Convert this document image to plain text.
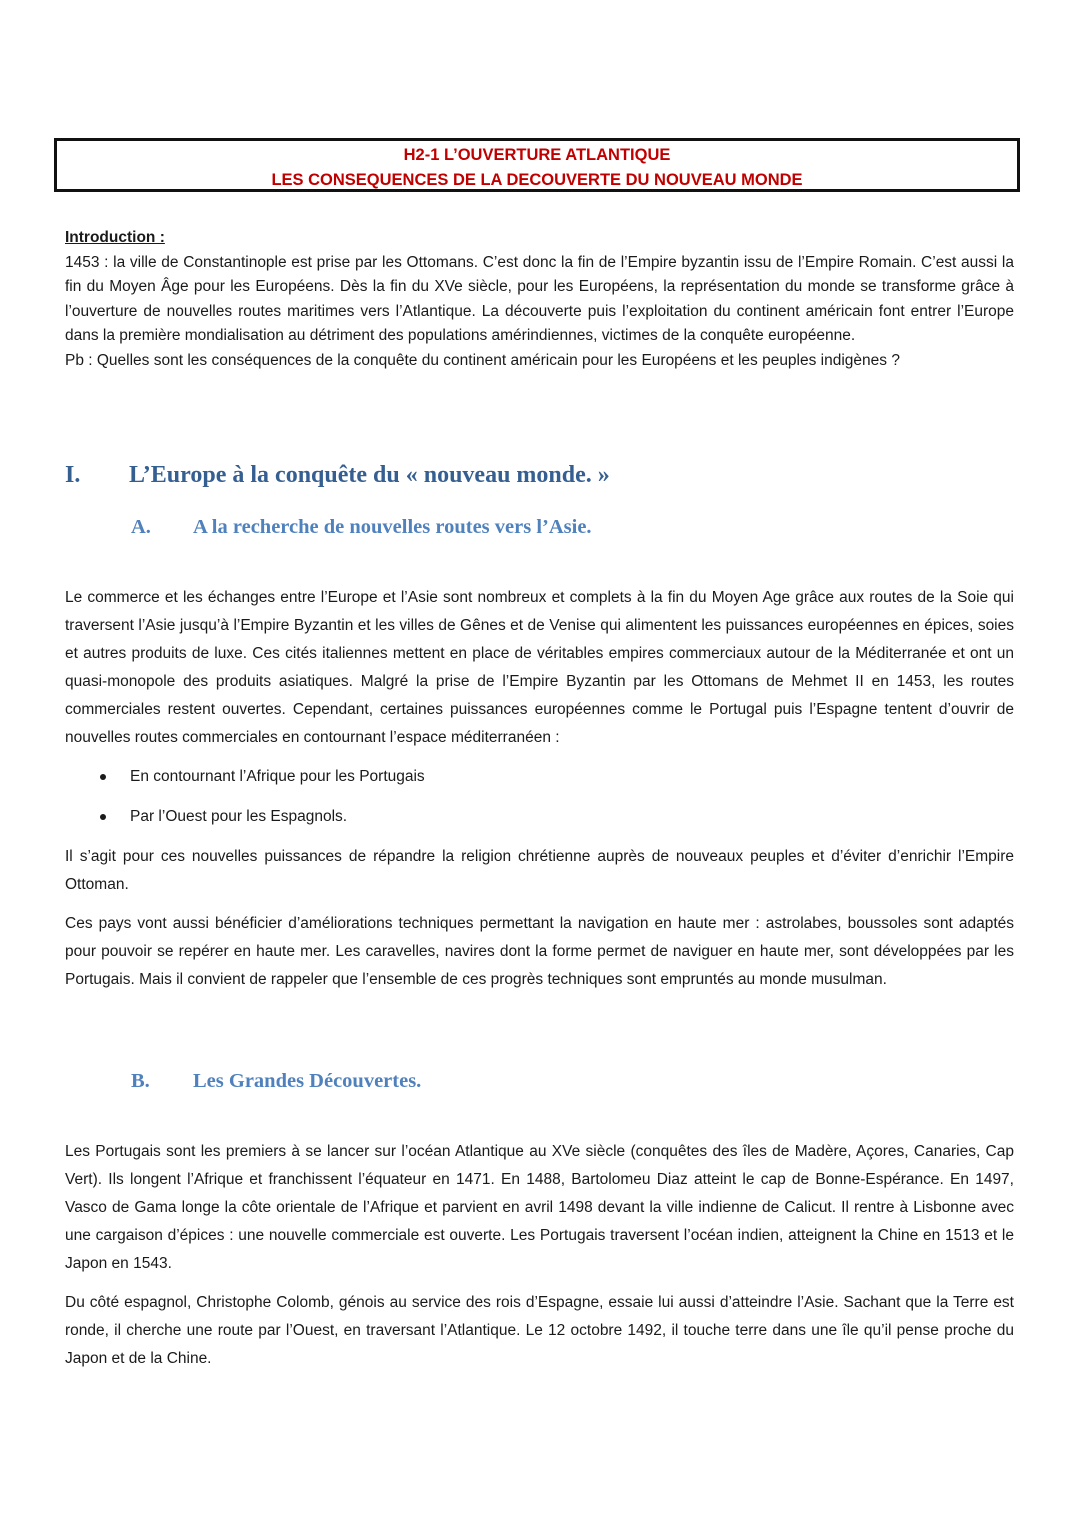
H2-1 L’OUVERTURE ATLANTIQUE
LES CONSEQUENCES DE LA DECOUVERTE DU NOUVEAU MONDE

Introduction :

1453 : la ville de Constantinople est prise par les Ottomans. C’est donc la fin de l’Empire byzantin issu de l’Empire Romain. C’est aussi la fin du Moyen Âge pour les Européens. Dès la fin du XVe siècle, pour les Européens, la représentation du monde se transforme grâce à l’ouverture de nouvelles routes maritimes vers l’Atlantique. La découverte puis l’exploitation du continent américain font entrer l’Europe dans la première mondialisation au détriment des populations amérindiennes, victimes de la conquête européenne.

Pb : Quelles sont les conséquences de la conquête du continent américain pour les Européens et les peuples indigènes ?

I. L’Europe à la conquête du « nouveau monde. »
A. A la recherche de nouvelles routes vers l’Asie.

Le commerce et les échanges entre l’Europe et l’Asie sont nombreux et complets à la fin du Moyen Age grâce aux routes de la Soie qui traversent l’Asie jusqu’à l’Empire Byzantin et les villes de Gênes et de Venise qui alimentent les puissances européennes en épices, soies et autres produits de luxe. Ces cités italiennes mettent en place de véritables empires commerciaux autour de la Méditerranée et ont un quasi-monopole des produits asiatiques. Malgré la prise de l’Empire Byzantin par les Ottomans de Mehmet II en 1453, les routes commerciales restent ouvertes. Cependant, certaines puissances européennes comme le Portugal puis l’Espagne tentent d’ouvrir de nouvelles routes commerciales en contournant l’espace méditerranéen :

En contournant l’Afrique pour les Portugais
Par l’Ouest pour les Espagnols.

Il s’agit pour ces nouvelles puissances de répandre la religion chrétienne auprès de nouveaux peuples et d’éviter d’enrichir l’Empire Ottoman.

Ces pays vont aussi bénéficier d’améliorations techniques permettant la navigation en haute mer : astrolabes, boussoles sont adaptés pour pouvoir se repérer en haute mer. Les caravelles, navires dont la forme permet de naviguer en haute mer, sont développées par les Portugais. Mais il convient de rappeler que l’ensemble de ces progrès techniques sont empruntés au monde musulman.

B. Les Grandes Découvertes.

Les Portugais sont les premiers à se lancer sur l’océan Atlantique au XVe siècle (conquêtes des îles de Madère, Açores, Canaries, Cap Vert). Ils longent l’Afrique et franchissent l’équateur en 1471. En 1488, Bartolomeu Diaz atteint le cap de Bonne-Espérance. En 1497, Vasco de Gama longe la côte orientale de l’Afrique et parvient en avril 1498 devant la ville indienne de Calicut. Il rentre à Lisbonne avec une cargaison d’épices : une nouvelle commerciale est ouverte. Les Portugais traversent l’océan indien, atteignent la Chine en 1513 et le Japon en 1543.

Du côté espagnol, Christophe Colomb, génois au service des rois d’Espagne, essaie lui aussi d’atteindre l’Asie. Sachant que la Terre est ronde, il cherche une route par l’Ouest, en traversant l’Atlantique. Le 12 octobre 1492, il touche terre dans une île qu’il pense proche du Japon et de la Chine.
